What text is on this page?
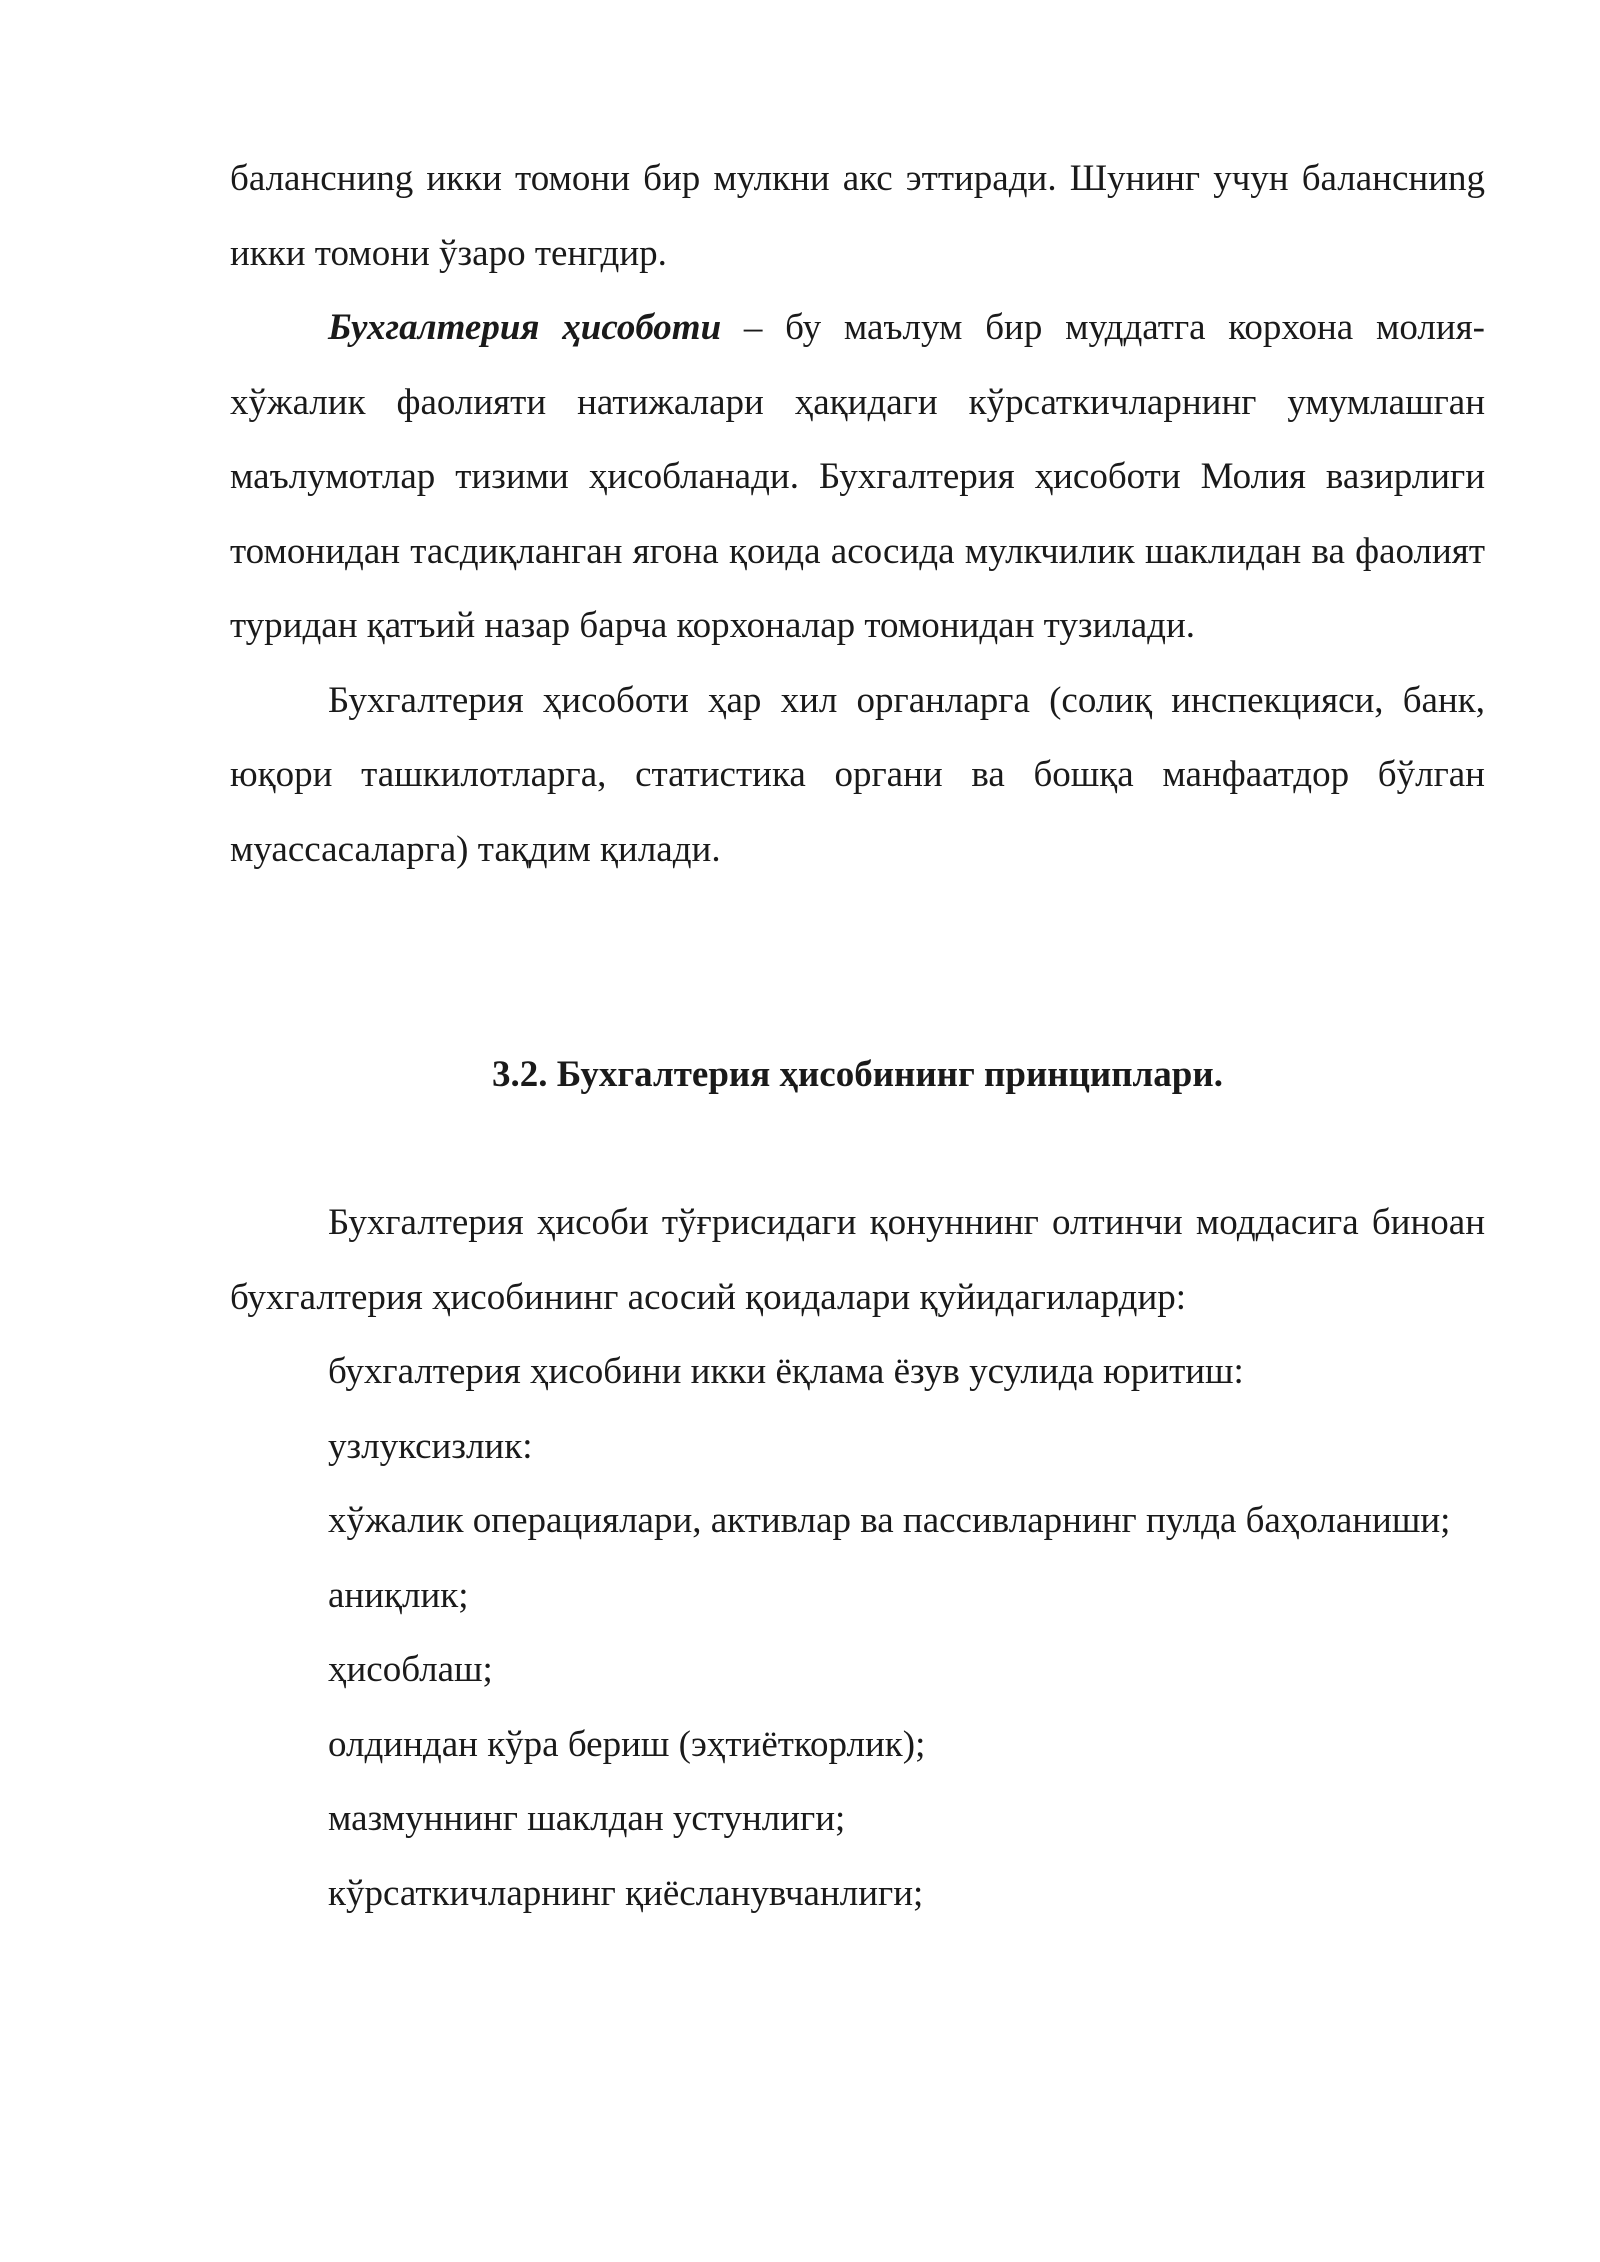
балансниng икки томони бир мулкни акс эттиради. Шунинг учун балансниng икки томони ўзаро тенгдир.

Бухгалтерия ҳисоботи – бу маълум бир муддатга корхона молия-хўжалик фаолияти натижалари ҳақидаги кўрсаткичларнинг умумлашган маълумотлар тизими ҳисобланади. Бухгалтерия ҳисоботи Молия вазирлиги томонидан тасдиқланган ягона қоида асосида мулкчилик шаклидан ва фаолият туридан қатъий назар барча корхоналар томонидан тузилади.

Бухгалтерия ҳисоботи ҳар хил органларга (солиқ инспекцияси, банк, юқори ташкилотларга, статистика органи ва бошқа манфаатдор бўлган муассасаларга) тақдим қилади.

3.2. Бухгалтерия ҳисобининг принциплари.

Бухгалтерия ҳисоби тўғрисидаги қонуннинг олтинчи моддасига биноан бухгалтерия ҳисобининг асосий қоидалари қуйидагилардир:

бухгалтерия ҳисобини икки ёқлама ёзув усулида юритиш:

узлуксизлик:

хўжалик операциялари, активлар ва пассивларнинг пулда баҳоланиши;

аниқлик;

ҳисоблаш;

олдиндан кўра бериш (эҳтиёткорлик);

мазмуннинг шаклдан устунлиги;

кўрсаткичларнинг қиёсланувчанлиги;
